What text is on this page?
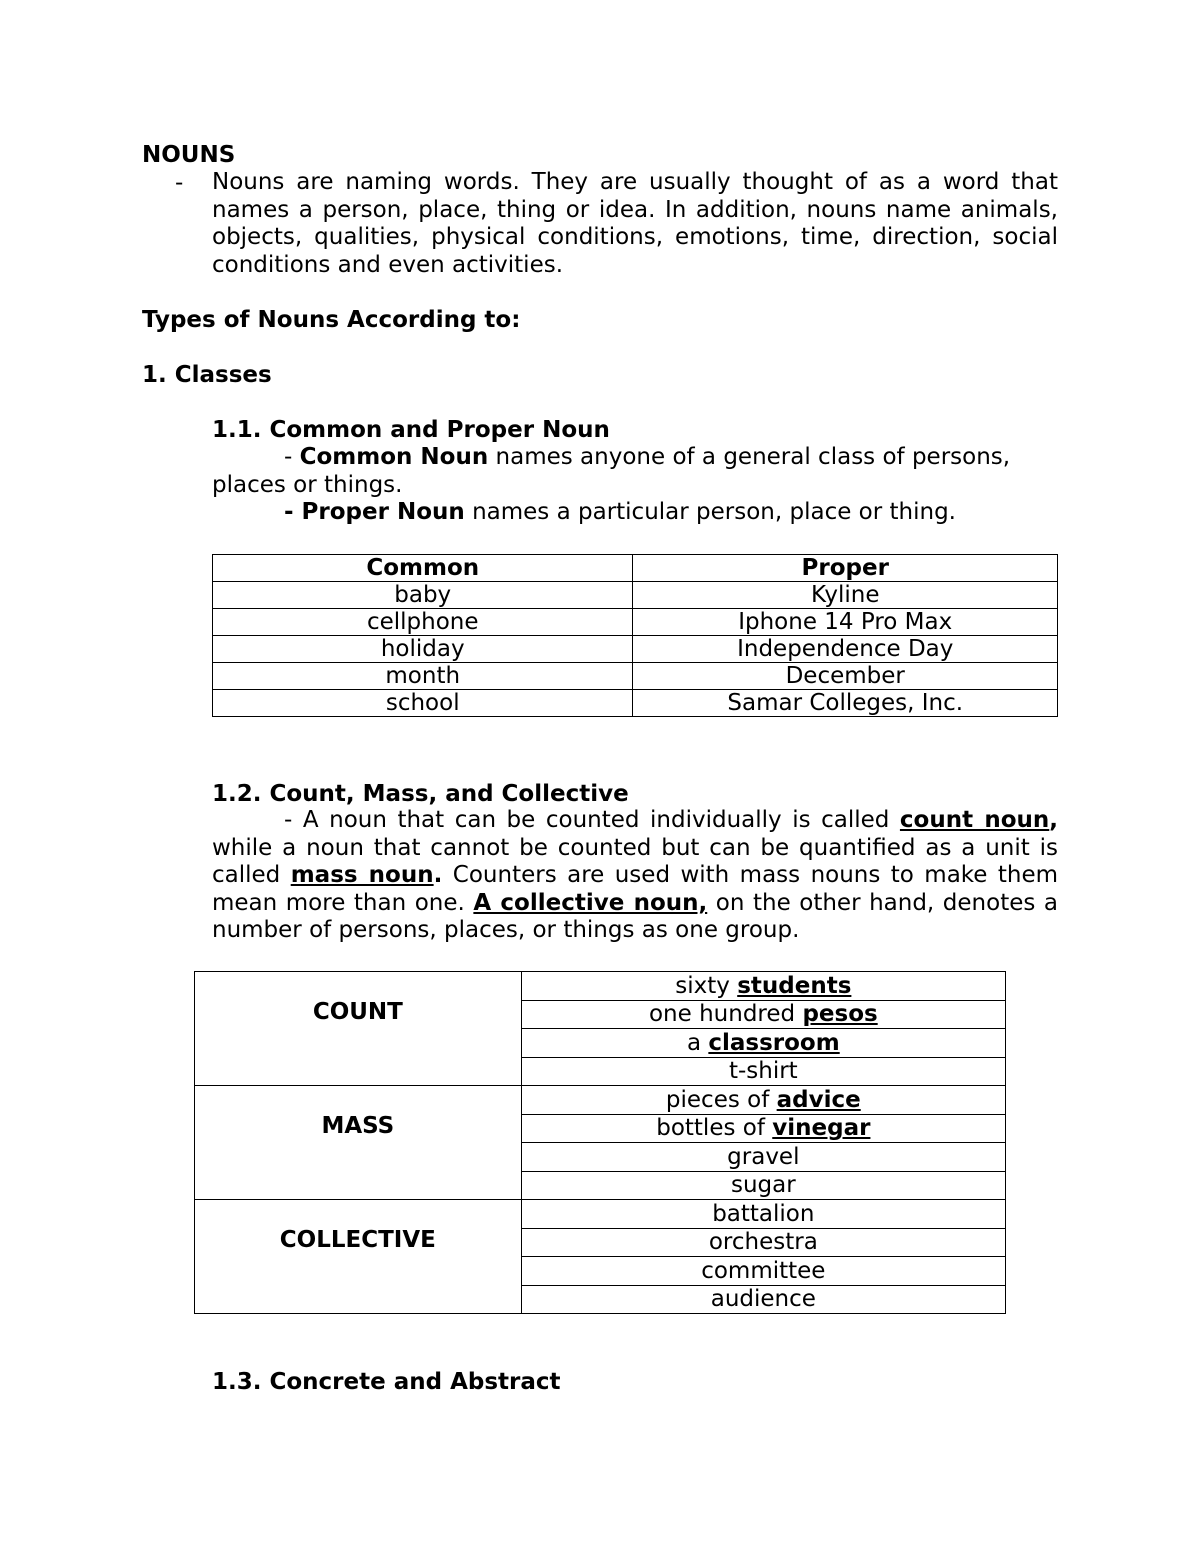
NOUNS
- Nouns are naming words. They are usually thought of as a word that names a person, place, thing or idea. In addition, nouns name animals, objects, qualities, physical conditions, emotions, time, direction, social conditions and even activities.
Types of Nouns According to:
1. Classes
1.1. Common and Proper Noun
- Common Noun names anyone of a general class of persons,
places or things.
- Proper Noun names a particular person, place or thing.
Common	Proper
baby	Kyline
cellphone	Iphone 14 Pro Max
holiday	Independence Day
month	December
school	Samar Colleges, Inc.
1.2. Count, Mass, and Collective
- A noun that can be counted individually is called count noun, while a noun that cannot be counted but can be quantified as a unit is called mass noun. Counters are used with mass nouns to make them mean more than one. A collective noun, on the other hand, denotes a number of persons, places, or things as one group.
COUNT	sixty students
	one hundred pesos
	a classroom
	t-shirt
MASS	pieces of advice
	bottles of vinegar
	gravel
	sugar
COLLECTIVE	battalion
	orchestra
	committee
	audience
1.3. Concrete and Abstract
